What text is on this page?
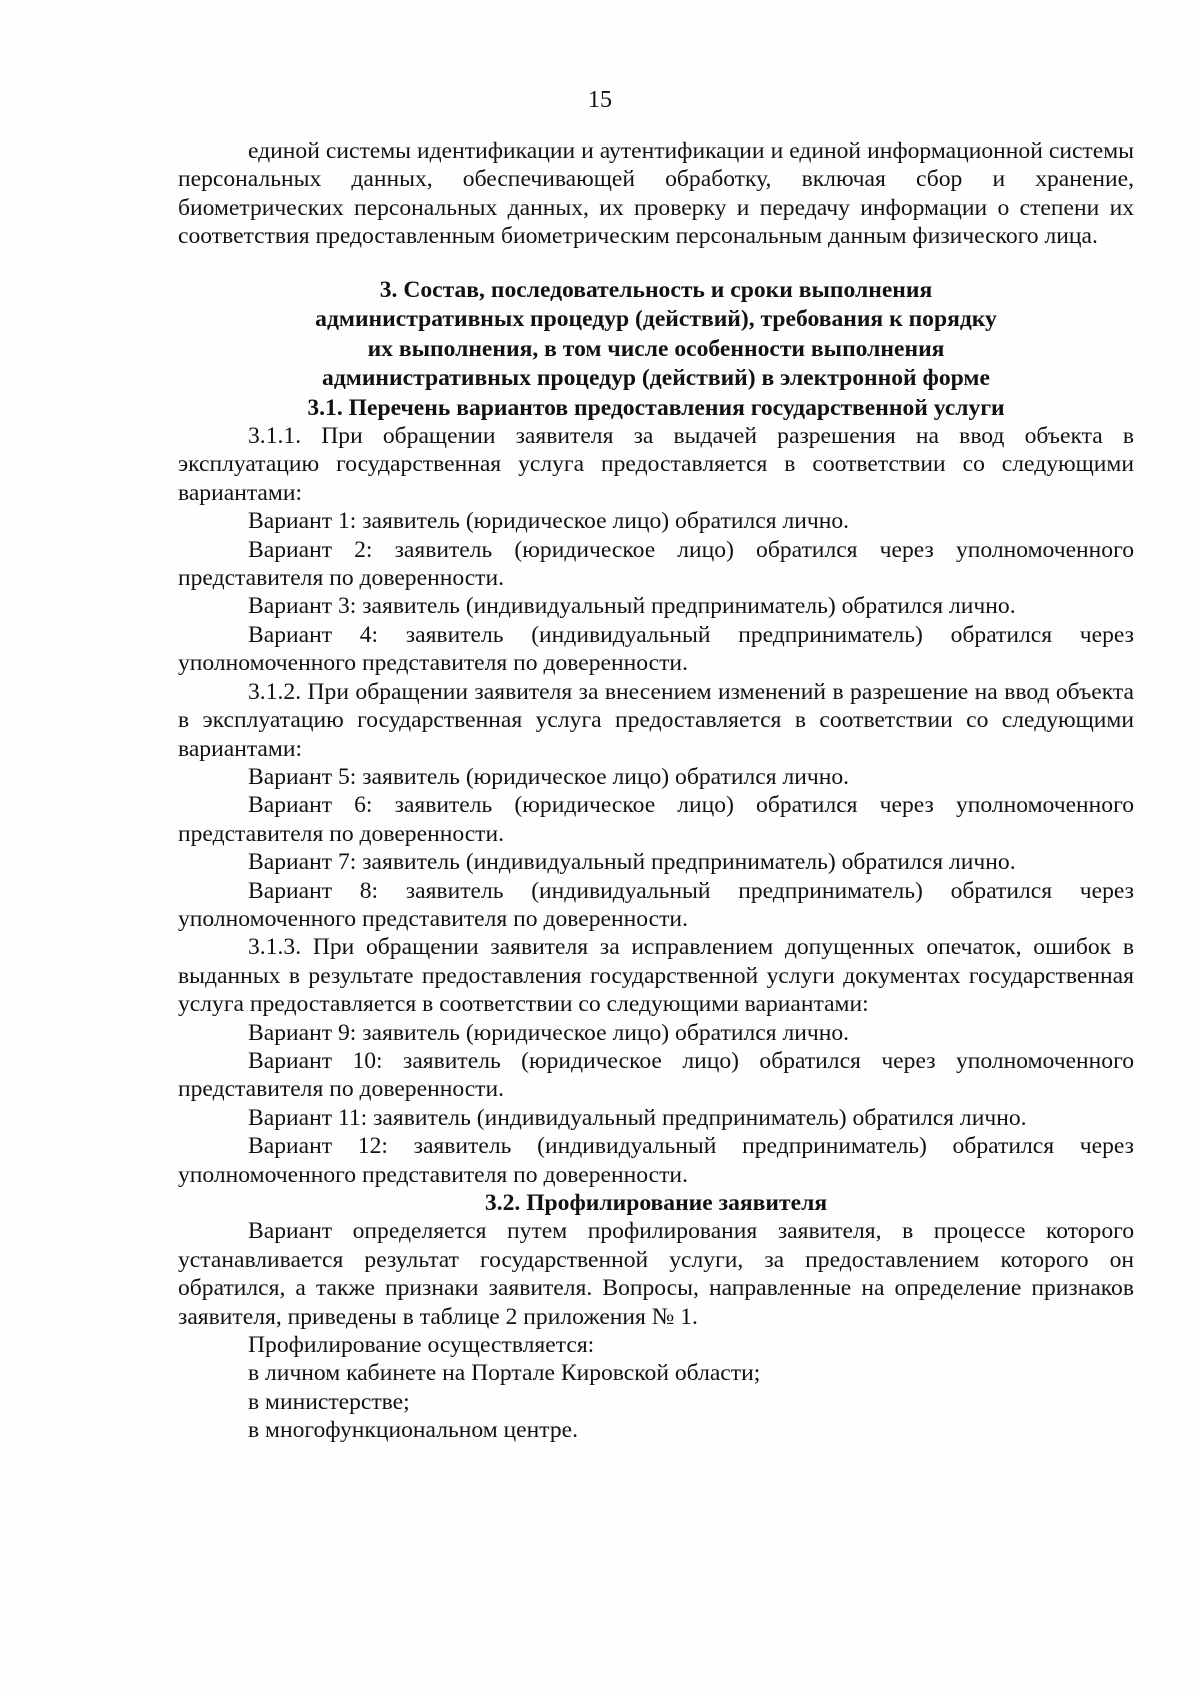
15

единой системы идентификации и аутентификации и единой информационной системы персональных данных, обеспечивающей обработку, включая сбор и хранение, биометрических персональных данных, их проверку и передачу информации о степени их соответствия предоставленным биометрическим персональным данным физического лица.

3. Состав, последовательность и сроки выполнения
административных процедур (действий), требования к порядку
их выполнения, в том числе особенности выполнения
административных процедур (действий) в электронной форме

3.1. Перечень вариантов предоставления государственной услуги

3.1.1. При обращении заявителя за выдачей разрешения на ввод объекта в эксплуатацию государственная услуга предоставляется в соответствии со следующими вариантами:

Вариант 1: заявитель (юридическое лицо) обратился лично.

Вариант 2: заявитель (юридическое лицо) обратился через уполномоченного представителя по доверенности.

Вариант 3: заявитель (индивидуальный предприниматель) обратился лично.

Вариант 4: заявитель (индивидуальный предприниматель) обратился через уполномоченного представителя по доверенности.

3.1.2. При обращении заявителя за внесением изменений в разрешение на ввод объекта в эксплуатацию государственная услуга предоставляется в соответствии со следующими вариантами:

Вариант 5: заявитель (юридическое лицо) обратился лично.

Вариант 6: заявитель (юридическое лицо) обратился через уполномоченного представителя по доверенности.

Вариант 7: заявитель (индивидуальный предприниматель) обратился лично.

Вариант 8: заявитель (индивидуальный предприниматель) обратился через уполномоченного представителя по доверенности.

3.1.3. При обращении заявителя за исправлением допущенных опечаток, ошибок в выданных в результате предоставления государственной услуги документах государственная услуга предоставляется в соответствии со следующими вариантами:

Вариант 9: заявитель (юридическое лицо) обратился лично.

Вариант 10: заявитель (юридическое лицо) обратился через уполномоченного представителя по доверенности.

Вариант 11: заявитель (индивидуальный предприниматель) обратился лично.

Вариант 12: заявитель (индивидуальный предприниматель) обратился через уполномоченного представителя по доверенности.

3.2. Профилирование заявителя

Вариант определяется путем профилирования заявителя, в процессе которого устанавливается результат государственной услуги, за предоставлением которого он обратился, а также признаки заявителя. Вопросы, направленные на определение признаков заявителя, приведены в таблице 2 приложения № 1.

Профилирование осуществляется:

в личном кабинете на Портале Кировской области;

в министерстве;

в многофункциональном центре.
